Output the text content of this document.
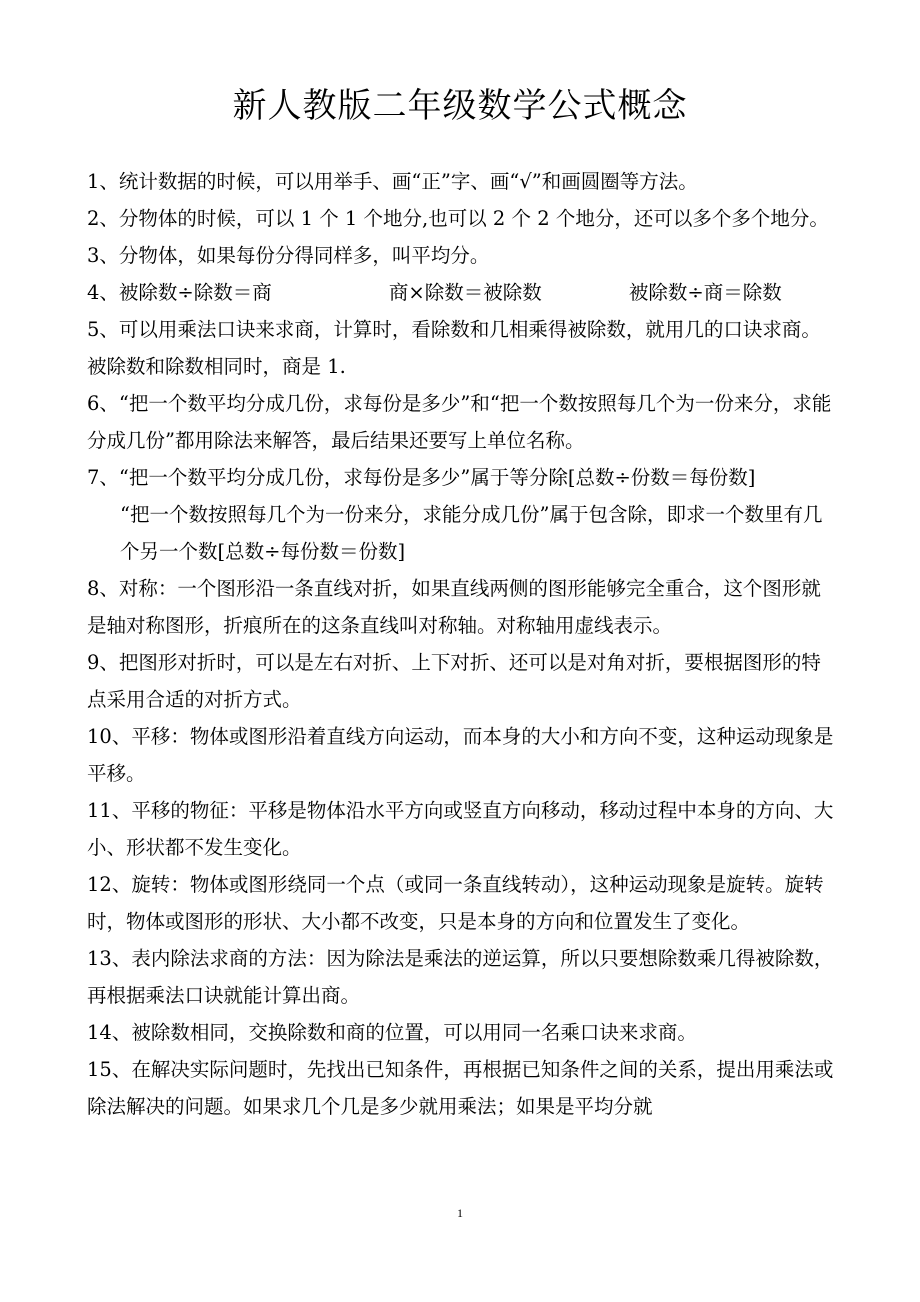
新人教版二年级数学公式概念
1、统计数据的时候，可以用举手、画“正”字、画“√”和画圆圈等方法。
2、分物体的时候，可以 1 个 1 个地分,也可以 2 个 2 个地分，还可以多个多个地分。
3、分物体，如果每份分得同样多，叫平均分。
4、 被除数÷除数＝商	商×除数＝被除数	被除数÷商＝除数
5、可以用乘法口诀来求商，计算时，看除数和几相乘得被除数，就用几的口诀求商。被除数和除数相同时，商是 1.
6、“把一个数平均分成几份，求每份是多少”和“把一个数按照每几个为一份来分，求能分成几份”都用除法来解答，最后结果还要写上单位名称。
7、“把一个数平均分成几份，求每份是多少”属于等分除[总数÷份数＝每份数]
“把一个数按照每几个为一份来分，求能分成几份”属于包含除，即求一个数里有几个另一个数[总数÷每份数＝份数]
8、对称：一个图形沿一条直线对折，如果直线两侧的图形能够完全重合，这个图形就是轴对称图形，折痕所在的这条直线叫对称轴。对称轴用虚线表示。
9、把图形对折时，可以是左右对折、上下对折、还可以是对角对折，要根据图形的特点采用合适的对折方式。
10、平移：物体或图形沿着直线方向运动，而本身的大小和方向不变，这种运动现象是平移。
11、平移的物征：平移是物体沿水平方向或竖直方向移动，移动过程中本身的方向、大小、形状都不发生变化。
12、旋转：物体或图形绕同一个点（或同一条直线转动），这种运动现象是旋转。旋转时，物体或图形的形状、大小都不改变，只是本身的方向和位置发生了变化。
13、表内除法求商的方法：因为除法是乘法的逆运算，所以只要想除数乘几得被除数，再根据乘法口诀就能计算出商。
14、被除数相同，交换除数和商的位置，可以用同一名乘口诀来求商。
15、在解决实际问题时，先找出已知条件，再根据已知条件之间的关系，提出用乘法或除法解决的问题。如果求几个几是多少就用乘法；如果是平均分就
1
